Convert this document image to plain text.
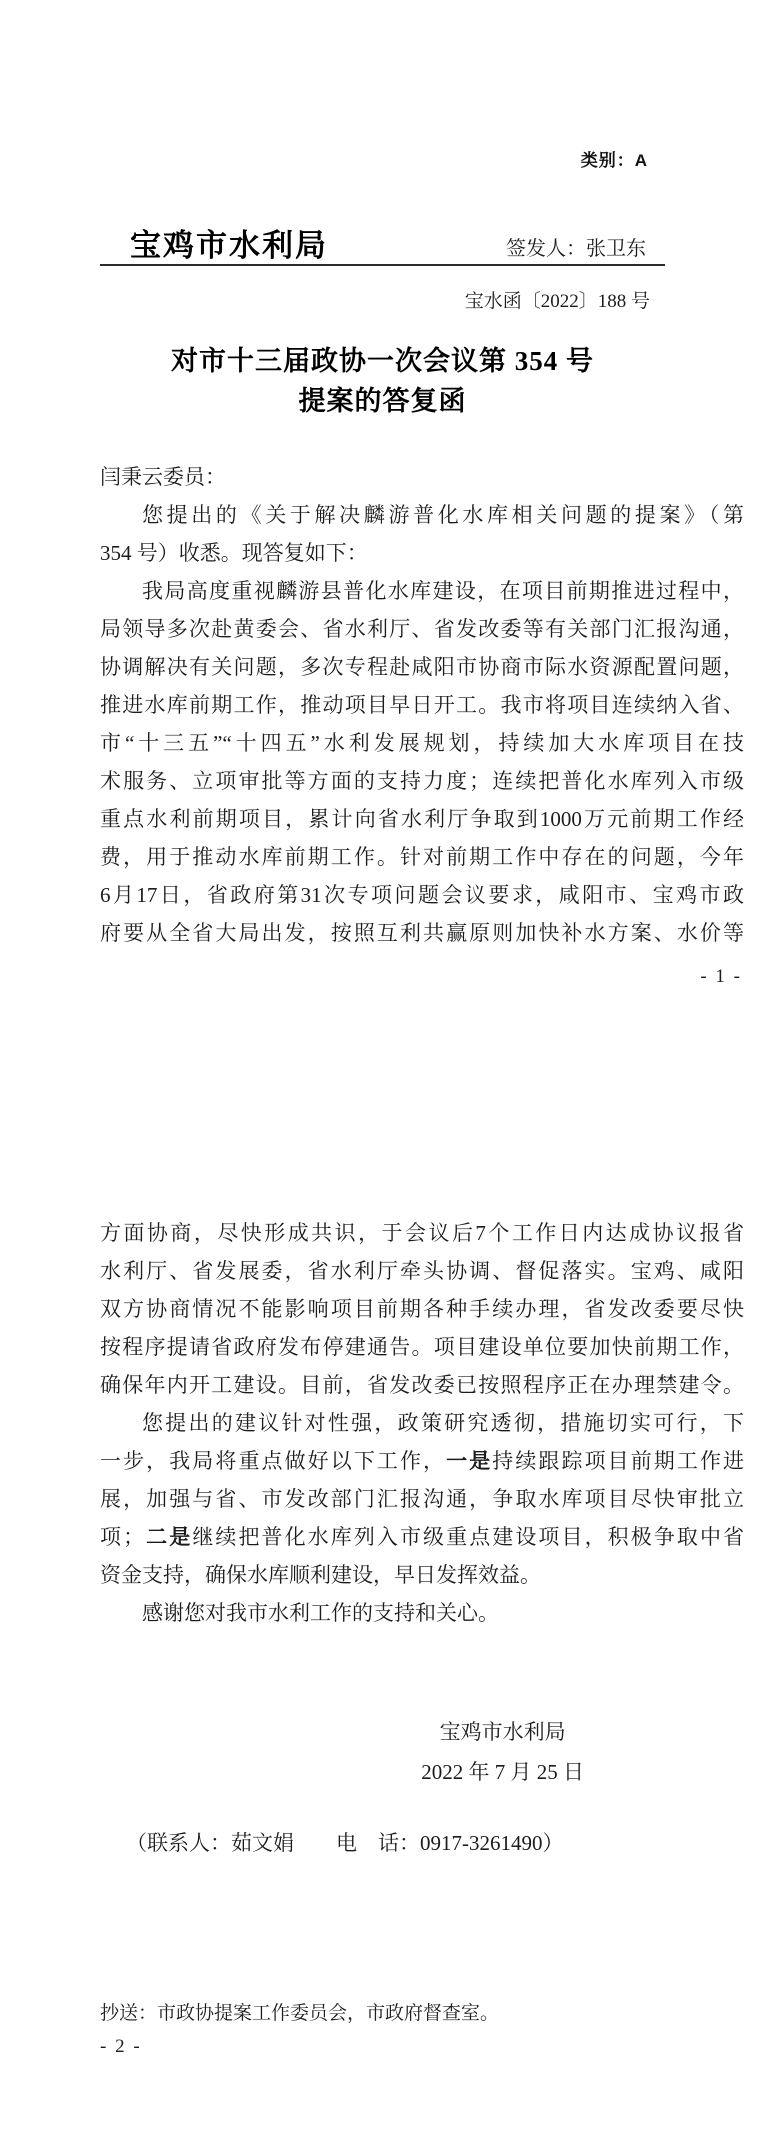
类别：A
宝鸡市水利局	签发人：张卫东
宝水函〔2022〕188 号
对市十三届政协一次会议第 354 号
提案的答复函
闫秉云委员：
您提出的《关于解决麟游普化水库相关问题的提案》（第
354 号）收悉。现答复如下：
我局高度重视麟游县普化水库建设，在项目前期推进过程中，
局领导多次赴黄委会、省水利厅、省发改委等有关部门汇报沟通，
协调解决有关问题，多次专程赴咸阳市协商市际水资源配置问题，
推进水库前期工作，推动项目早日开工。我市将项目连续纳入省、
市“十三五”“十四五”水利发展规划，持续加大水库项目在技
术服务、立项审批等方面的支持力度；连续把普化水库列入市级
重点水利前期项目，累计向省水利厅争取到1000万元前期工作经
费，用于推动水库前期工作。针对前期工作中存在的问题，今年
6月17日，省政府第31次专项问题会议要求，咸阳市、宝鸡市政
府要从全省大局出发，按照互利共赢原则加快补水方案、水价等
- 1 -
方面协商，尽快形成共识，于会议后7个工作日内达成协议报省
水利厅、省发展委，省水利厅牵头协调、督促落实。宝鸡、咸阳
双方协商情况不能影响项目前期各种手续办理，省发改委要尽快
按程序提请省政府发布停建通告。项目建设单位要加快前期工作，
确保年内开工建设。目前，省发改委已按照程序正在办理禁建令。
您提出的建议针对性强，政策研究透彻，措施切实可行，下
一步，我局将重点做好以下工作，一是持续跟踪项目前期工作进
展，加强与省、市发改部门汇报沟通，争取水库项目尽快审批立
项；二是继续把普化水库列入市级重点建设项目，积极争取中省
资金支持，确保水库顺利建设，早日发挥效益。
感谢您对我市水利工作的支持和关心。
宝鸡市水利局
2022 年 7 月 25 日
（联系人：茹文娟　　电　话：0917-3261490）
抄送：市政协提案工作委员会，市政府督查室。
- 2 -
